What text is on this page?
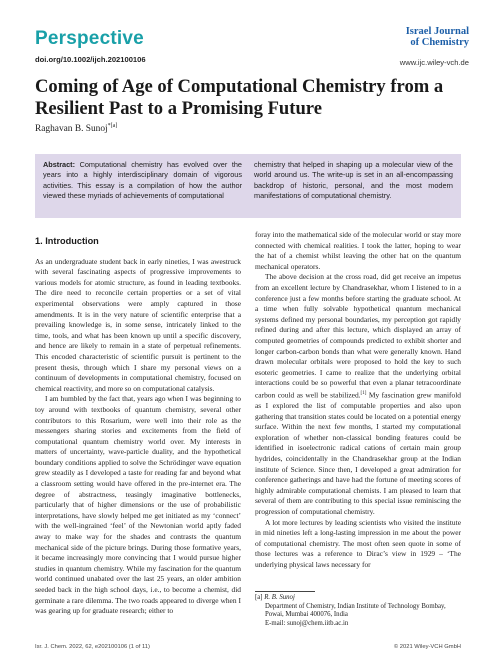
Perspective
doi.org/10.1002/ijch.202100106
Israel Journal
of Chemistry
www.ijc.wiley-vch.de
Coming of Age of Computational Chemistry from a Resilient Past to a Promising Future
Raghavan B. Sunoj$^{*[a]}$
Abstract: Computational chemistry has evolved over the years into a highly interdisciplinary domain of vigorous activities. This essay is a compilation of how the author viewed these myriads of achievements of computational
chemistry that helped in shaping up a molecular view of the world around us. The write-up is set in an all-encompassing backdrop of historic, personal, and the most modern manifestations of computational chemistry.
1. Introduction

As an undergraduate student back in early nineties, I was awestruck with several fascinating aspects of progressive improvements to various models for atomic structure, as found in leading textbooks. The dire need to reconcile certain properties or a set of vital experimental observations were amply captured in those amendments. It is in the very nature of scientific enterprise that a prevailing knowledge is, in some sense, intricately linked to the time, tools, and what has been known up until a specific discovery, and hence are likely to remain in a state of perpetual refinements. This encoded characteristic of scientific pursuit is pertinent to the present thesis, through which I share my personal views on a continuum of developments in computational chemistry, focused on chemical reactivity, and more so on computational catalysis.

I am humbled by the fact that, years ago when I was beginning to toy around with textbooks of quantum chemistry, several other contributors to this Rosarium, were well into their role as the messengers sharing stories and excitements from the field of computational quantum chemistry world over. My interests in matters of uncertainty, wave-particle duality, and the hypothetical boundary conditions applied to solve the Schrödinger wave equation grew steadily as I developed a taste for reading far and beyond what a classroom setting would have offered in the pre-internet era. The degree of abstractness, teasingly imaginative bottlenecks, particularly that of higher dimensions or the use of probabilistic interpretations, have slowly helped me get initiated as my ‘connect’ with the well-ingrained ‘feel’ of the Newtonian world aptly faded away to make way for the shades and contrasts the quantum mechanical side of the picture brings. During those formative years, it became increasingly more convincing that I would pursue higher studies in quantum chemistry. While my fascination for the quantum world continued unabated over the last 25 years, an older ambition seeded back in the high school days, i.e., to become a chemist, did germinate a rare dilemma. The two roads appeared to diverge when I was gearing up for graduate research; either to

foray into the mathematical side of the molecular world or stay more connected with chemical realities. I took the latter, hoping to wear the hat of a chemist whilst leaving the other hat on the quantum mechanical operators.

The above decision at the cross road, did get receive an impetus from an excellent lecture by Chandrasekhar, whom I listened to in a conference just a few months before starting the graduate school. At a time when fully solvable hypothetical quantum mechanical systems defined my personal boundaries, my perception got rapidly refined during and after this lecture, which displayed an array of computed geometries of compounds predicted to exhibit shorter and longer carbon-carbon bonds than what were generally known. Hand drawn molecular orbitals were proposed to hold the key to such esoteric geometries. I came to realize that the underlying orbital interactions could be so powerful that even a planar tetracoordinate carbon could as well be stabilized.[1] My fascination grew manifold as I explored the list of computable properties and also upon gathering that transition states could be located on a potential energy surface. Within the next few months, I started my computational exploration of whether non-classical bonding features could be identified in isoelectronic radical cations of certain main group hydrides, coincidentally in the Chandrasekhar group at the Indian institute of Science. Since then, I developed a great admiration for conference gatherings and have had the fortune of meeting scores of highly admirable computational chemists. I am pleased to learn that several of them are contributing to this special issue reminiscing the progression of computational chemistry.

A lot more lectures by leading scientists who visited the institute in mid nineties left a long-lasting impression in me about the power of computational chemistry. The most often seen quote in some of those lectures was a reference to Dirac’s view in 1929 – ‘The underlying physical laws necessary for

[a] R. B. Sunoj
Department of Chemistry, Indian Institute of Technology Bombay,
Powai, Mumbai 400076, India
E-mail: sunoj@chem.iitb.ac.in
Isr. J. Chem. 2022, 62, e202100106 (1 of 11)	© 2021 Wiley-VCH GmbH
